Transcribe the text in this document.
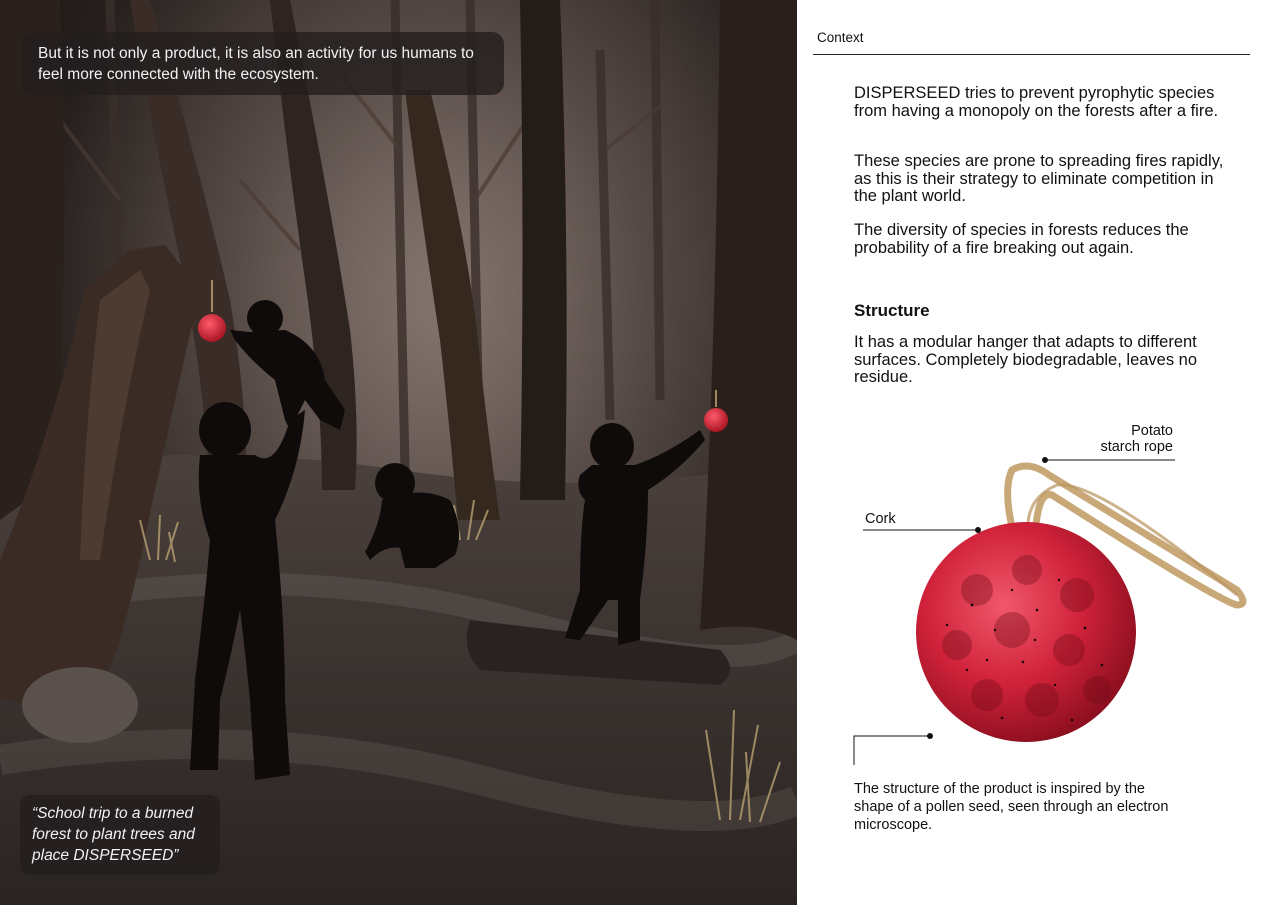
But it is not only a product, it is also an activity for us humans to feel more connected with the ecosystem.
“School trip to a burned forest to plant trees and place DISPERSEED”
Context

DISPERSEED tries to prevent pyrophytic species from having a monopoly on the forests after a fire.

These species are prone to spreading fires rapidly, as this is their strategy to eliminate competition in the plant world.

The diversity of species in forests reduces the probability of a fire breaking out again.

Structure

It has a modular hanger that adapts to different surfaces. Completely biodegradable, leaves no residue.

Potato starch rope
Cork

The structure of the product is inspired by the shape of a pollen seed, seen through an electron microscope.
